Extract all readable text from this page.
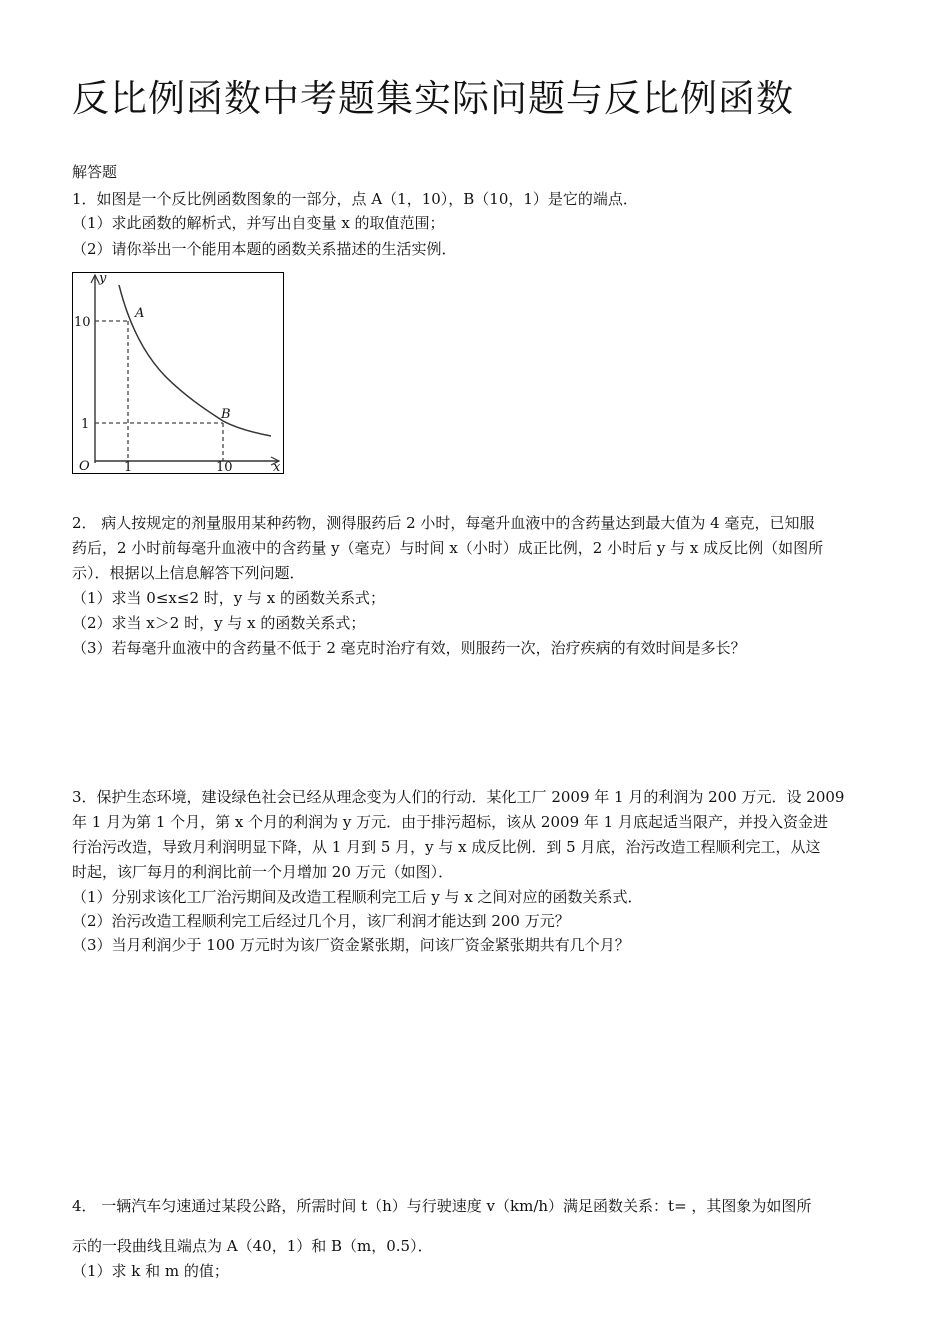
反比例函数中考题集实际问题与反比例函数
解答题
1．如图是一个反比例函数图象的一部分，点 A（1，10），B（10，1）是它的端点．
（1）求此函数的解析式，并写出自变量 x 的取值范围；
（2）请你举出一个能用本题的函数关系描述的生活实例．
y
x
O
10
1
1	10
A
B
2． 病人按规定的剂量服用某种药物，测得服药后 2 小时，每毫升血液中的含药量达到最大值为 4 毫克，已知服
药后，2 小时前每毫升血液中的含药量 y（毫克）与时间 x（小时）成正比例，2 小时后 y 与 x 成反比例（如图所
示）．根据以上信息解答下列问题．
（1）求当 0≤x≤2 时，y 与 x 的函数关系式；
（2）求当 x＞2 时，y 与 x 的函数关系式；
（3）若每毫升血液中的含药量不低于 2 毫克时治疗有效，则服药一次，治疗疾病的有效时间是多长？
3．保护生态环境，建设绿色社会已经从理念变为人们的行动．某化工厂 2009 年 1 月的利润为 200 万元．设 2009
年 1 月为第 1 个月，第 x 个月的利润为 y 万元．由于排污超标，该从 2009 年 1 月底起适当限产，并投入资金进
行治污改造，导致月利润明显下降，从 1 月到 5 月，y 与 x 成反比例．到 5 月底，治污改造工程顺利完工，从这
时起，该厂每月的利润比前一个月增加 20 万元（如图）．
（1）分别求该化工厂治污期间及改造工程顺利完工后 y 与 x 之间对应的函数关系式．
（2）治污改造工程顺利完工后经过几个月，该厂利润才能达到 200 万元？
（3）当月利润少于 100 万元时为该厂资金紧张期，问该厂资金紧张期共有几个月？
4． 一辆汽车匀速通过某段公路，所需时间 t（h）与行驶速度 v（km/h）满足函数关系：t= ，其图象为如图所
示的一段曲线且端点为 A（40，1）和 B（m，0.5）．
（1）求 k 和 m 的值；
